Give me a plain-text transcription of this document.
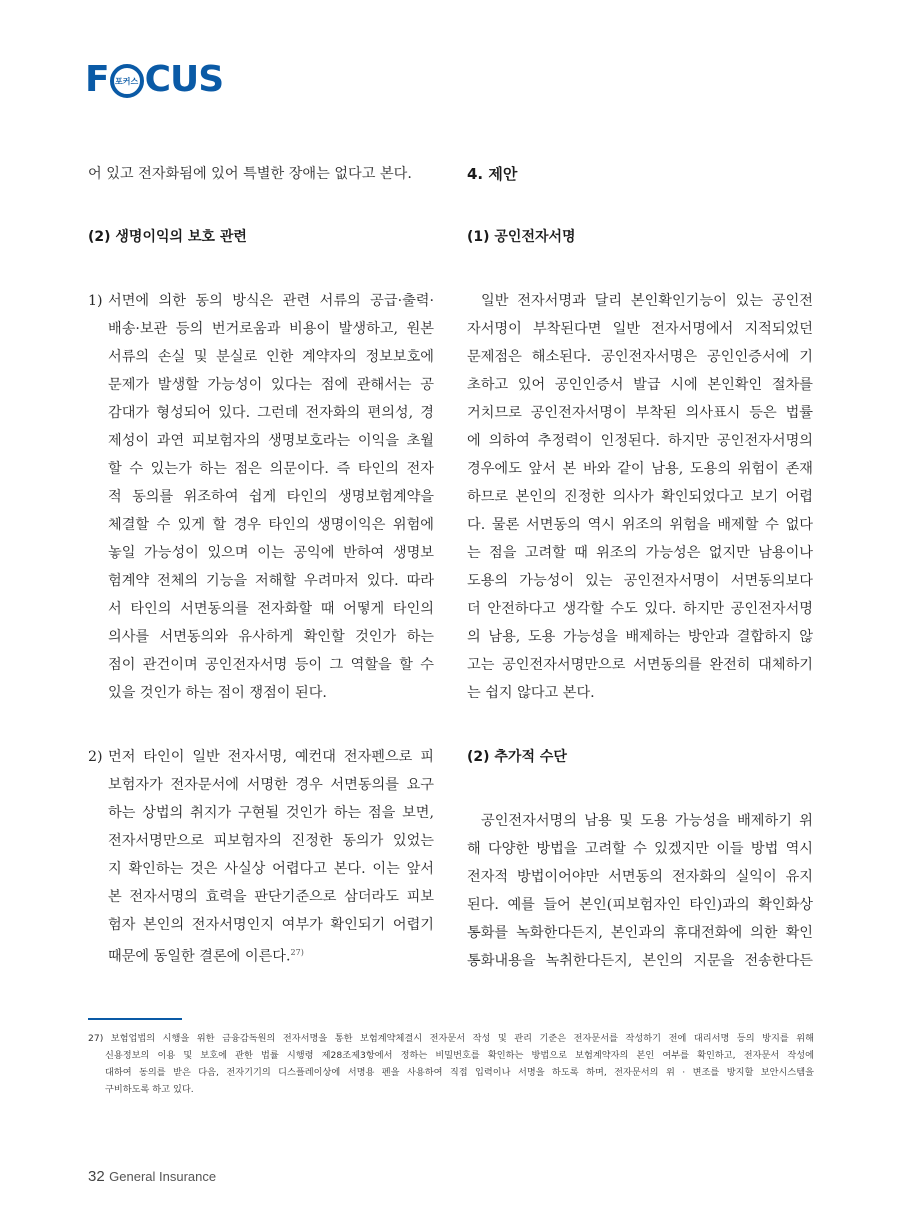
F 포커스 CUS
어 있고 전자화됨에 있어 특별한 장애는 없다고 본다.
(2) 생명이익의 보호 관련
1) 서면에 의한 동의 방식은 관련 서류의 공급·출력·
배송·보관 등의 번거로움과 비용이 발생하고, 원본
서류의 손실 및 분실로 인한 계약자의 정보보호에
문제가 발생할 가능성이 있다는 점에 관해서는 공
감대가 형성되어 있다. 그런데 전자화의 편의성, 경
제성이 과연 피보험자의 생명보호라는 이익을 초월
할 수 있는가 하는 점은 의문이다. 즉 타인의 전자
적 동의를 위조하여 쉽게 타인의 생명보험계약을
체결할 수 있게 할 경우 타인의 생명이익은 위험에
놓일 가능성이 있으며 이는 공익에 반하여 생명보
험계약 전체의 기능을 저해할 우려마저 있다. 따라
서 타인의 서면동의를 전자화할 때 어떻게 타인의
의사를 서면동의와 유사하게 확인할 것인가 하는
점이 관건이며 공인전자서명 등이 그 역할을 할 수
있을 것인가 하는 점이 쟁점이 된다.
2) 먼저 타인이 일반 전자서명, 예컨대 전자펜으로 피
보험자가 전자문서에 서명한 경우 서면동의를 요구
하는 상법의 취지가 구현될 것인가 하는 점을 보면,
전자서명만으로 피보험자의 진정한 동의가 있었는
지 확인하는 것은 사실상 어렵다고 본다. 이는 앞서
본 전자서명의 효력을 판단기준으로 삼더라도 피보
험자 본인의 전자서명인지 여부가 확인되기 어렵기
때문에 동일한 결론에 이른다.$^{27)}$
4. 제안
(1) 공인전자서명
일반 전자서명과 달리 본인확인기능이 있는 공인전
자서명이 부착된다면 일반 전자서명에서 지적되었던
문제점은 해소된다. 공인전자서명은 공인인증서에 기
초하고 있어 공인인증서 발급 시에 본인확인 절차를
거치므로 공인전자서명이 부착된 의사표시 등은 법률
에 의하여 추정력이 인정된다. 하지만 공인전자서명의
경우에도 앞서 본 바와 같이 남용, 도용의 위험이 존재
하므로 본인의 진정한 의사가 확인되었다고 보기 어렵
다. 물론 서면동의 역시 위조의 위험을 배제할 수 없다
는 점을 고려할 때 위조의 가능성은 없지만 남용이나
도용의 가능성이 있는 공인전자서명이 서면동의보다
더 안전하다고 생각할 수도 있다. 하지만 공인전자서명
의 남용, 도용 가능성을 배제하는 방안과 결합하지 않
고는 공인전자서명만으로 서면동의를 완전히 대체하기
는 쉽지 않다고 본다.
(2) 추가적 수단
공인전자서명의 남용 및 도용 가능성을 배제하기 위
해 다양한 방법을 고려할 수 있겠지만 이들 방법 역시
전자적 방법이어야만 서면동의 전자화의 실익이 유지
된다. 예를 들어 본인(피보험자인 타인)과의 확인화상
통화를 녹화한다든지, 본인과의 휴대전화에 의한 확인
통화내용을 녹취한다든지, 본인의 지문을 전송한다든
27) 보험업법의 시행을 위한 금융감독원의 전자서명을 통한 보험계약체결시 전자문서 작성 및 관리 기준은 전자문서를 작성하기 전에 대리서명 등의 방지를 위해
신용정보의 이용 및 보호에 관한 법률 시행령 제28조제3항에서 정하는 비밀번호를 확인하는 방법으로 보험계약자의 본인 여부를 확인하고, 전자문서 작성에
대하여 동의를 받은 다음, 전자기기의 디스플레이상에 서명용 펜을 사용하여 직접 입력이나 서명을 하도록 하며, 전자문서의 위 · 변조를 방지할 보안시스템을
구비하도록 하고 있다.
32 General Insurance
